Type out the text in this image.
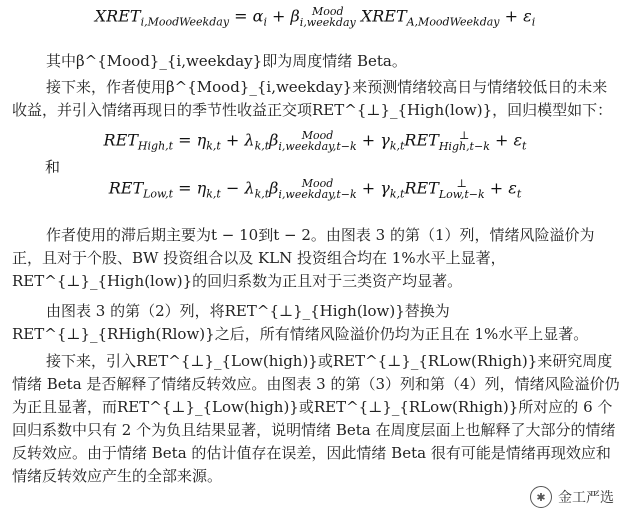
$XRET_{i,MoodWeekday} = \alpha_i + \beta$	Mood
i,weekday $XRET_{A,MoodWeekday} + \varepsilon_i$
其中β^{Mood}_{i,weekday}即为周度情绪 Beta。
接下来，作者使用β^{Mood}_{i,weekday}来预测情绪较高日与情绪较低日的未来收益，并引入情绪再现日的季节性收益正交项RET^{⊥}_{High(low)}，回归模型如下：
$RET_{High,t} = \eta_{k,t} + \lambda_{k,t}\beta$	Mood
i,weekday,t−k + $\gamma_{k,t}RET$	⊥
High,t−k + $\varepsilon_t$
和
$RET_{Low,t} = \eta_{k,t} - \lambda_{k,t}\beta$	Mood
i,weekday,t−k + $\gamma_{k,t}RET$	⊥
$Low,t-k + \varepsilon_t$
作者使用的滞后期主要为t − 10到t − 2。由图表 3 的第（1）列，情绪风险溢价为正，且对于个股、BW 投资组合以及 KLN 投资组合均在 1%水平上显著，RET^{⊥}_{High(low)}的回归系数为正且对于三类资产均显著。
由图表 3 的第（2）列，将RET^{⊥}_{High(low)}替换为RET^{⊥}_{RHigh(Rlow)}之后，所有情绪风险溢价仍均为正且在 1%水平上显著。
接下来，引入RET^{⊥}_{Low(high)}或RET^{⊥}_{RLow(Rhigh)}来研究周度情绪 Beta 是否解释了情绪反转效应。由图表 3 的第（3）列和第（4）列，情绪风险溢价仍为正且显著，而RET^{⊥}_{Low(high)}或RET^{⊥}_{RLow(Rhigh)}所对应的 6 个回归系数中只有 2 个为负且结果显著，说明情绪 Beta 在周度层面上也解释了大部分的情绪反转效应。由于情绪 Beta 的估计值存在误差，因此情绪 Beta 很有可能是情绪再现效应和情绪反转效应产生的全部来源。
✱ 金工严选
